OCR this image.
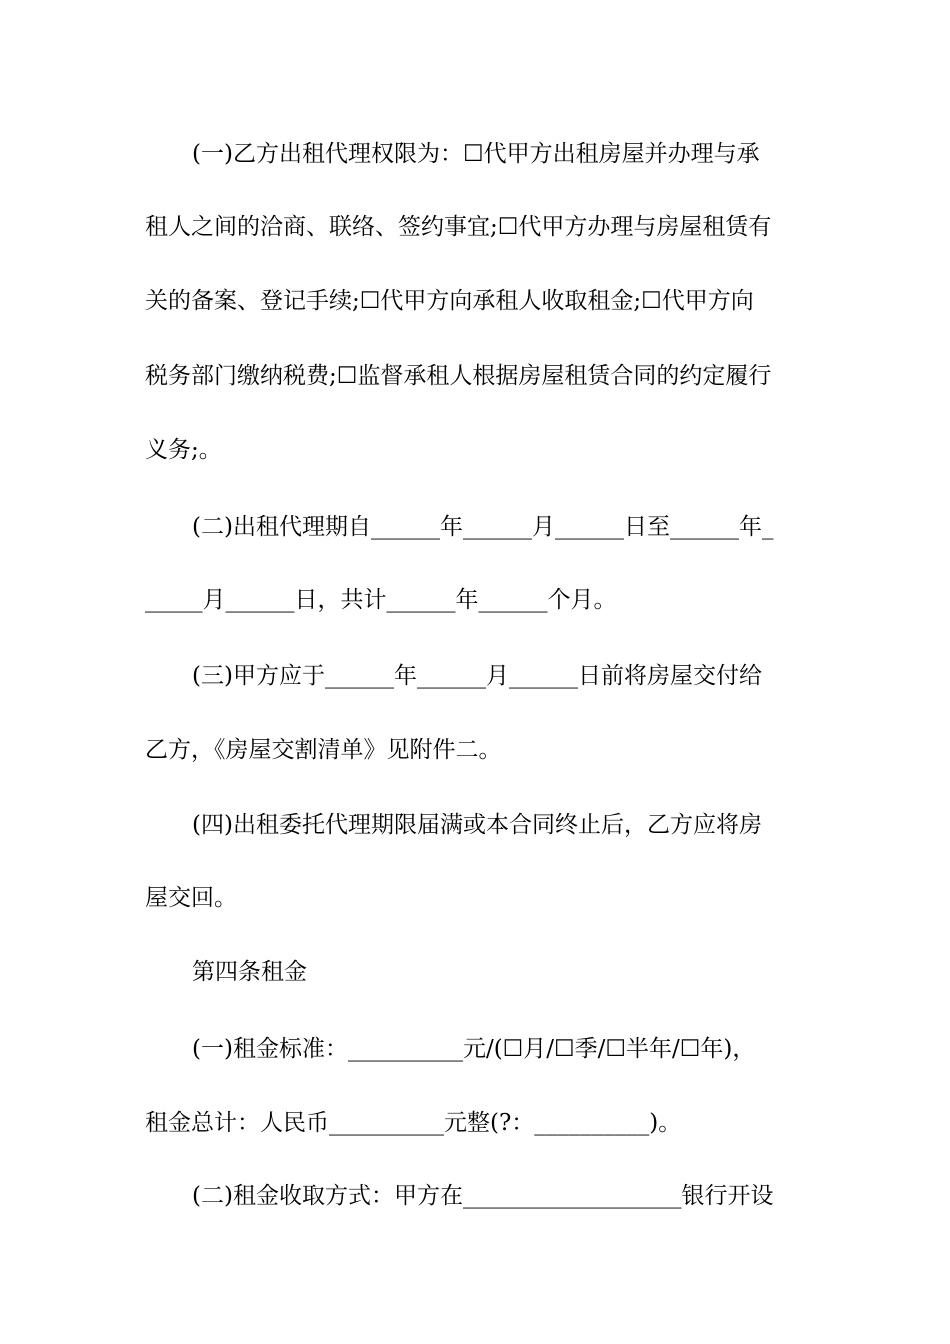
(一)乙方出租代理权限为：☐代甲方出租房屋并办理与承
租人之间的洽商、联络、签约事宜;☐代甲方办理与房屋租赁有
关的备案、登记手续;☐代甲方向承租人收取租金;☐代甲方向
税务部门缴纳税费;☐监督承租人根据房屋租赁合同的约定履行
义务;。
(二)出租代理期自______年______月______日至______年_
_____月______日，共计______年______个月。
(三)甲方应于______年______月______日前将房屋交付给
乙方，《房屋交割清单》见附件二。
(四)出租委托代理期限届满或本合同终止后，乙方应将房
屋交回。
第四条租金
(一)租金标准：__________元/(☐月/☐季/☐半年/☐年)，
租金总计：人民币__________元整(?：__________)。
(二)租金收取方式：甲方在___________________银行开设
